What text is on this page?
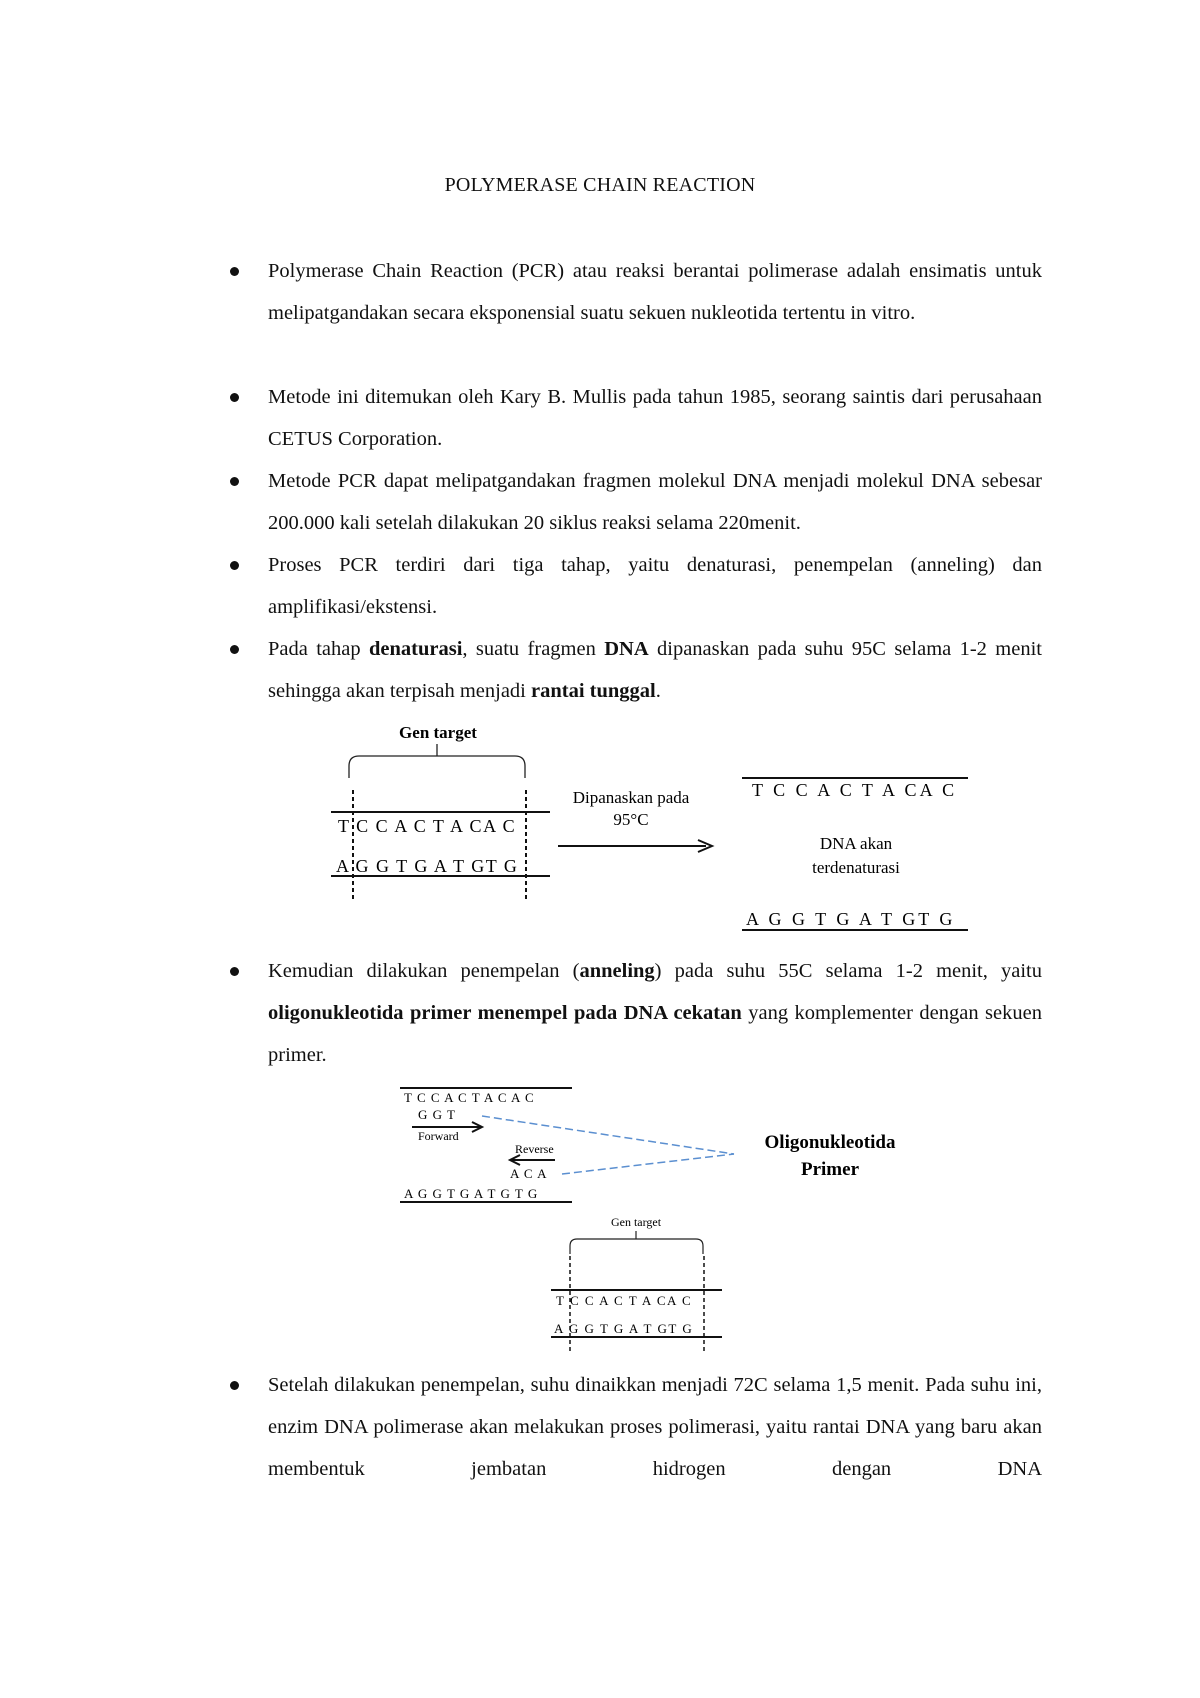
POLYMERASE CHAIN REACTION
Polymerase Chain Reaction (PCR) atau reaksi berantai polimerase adalah ensimatis untuk melipatgandakan secara eksponensial suatu sekuen nukleotida tertentu in vitro.
Metode ini ditemukan oleh Kary B. Mullis pada tahun 1985, seorang saintis dari perusahaan CETUS Corporation.
Metode PCR dapat melipatgandakan fragmen molekul DNA menjadi molekul DNA sebesar 200.000 kali setelah dilakukan 20 siklus reaksi selama 220menit.
Proses PCR terdiri dari tiga tahap, yaitu denaturasi, penempelan (anneling) dan amplifikasi/ekstensi.
Pada tahap denaturasi, suatu fragmen DNA dipanaskan pada suhu 95C selama 1-2 menit sehingga akan terpisah menjadi rantai tunggal.
Gen target
T C C A C T A CA C
A G G T G A T GT G
Dipanaskan pada
95°C
T C C A C T A CA C
DNA akan
terdenaturasi
A G G T G A T GT G
Kemudian dilakukan penempelan (anneling) pada suhu 55C selama 1-2 menit, yaitu oligonukleotida primer menempel pada DNA cekatan yang komplementer dengan sekuen primer.
T C C A C T A C A C
G G T
Forward
Reverse
A C A
A G G T G A T G T G
Oligonukleotida
Primer
Gen target
T C C A C T A CA C
A G G T G A T GT G
Setelah dilakukan penempelan, suhu dinaikkan menjadi 72C selama 1,5 menit. Pada suhu ini, enzim DNA polimerase akan melakukan proses polimerasi, yaitu rantai DNA yang baru akan membentuk jembatan hidrogen dengan DNA
